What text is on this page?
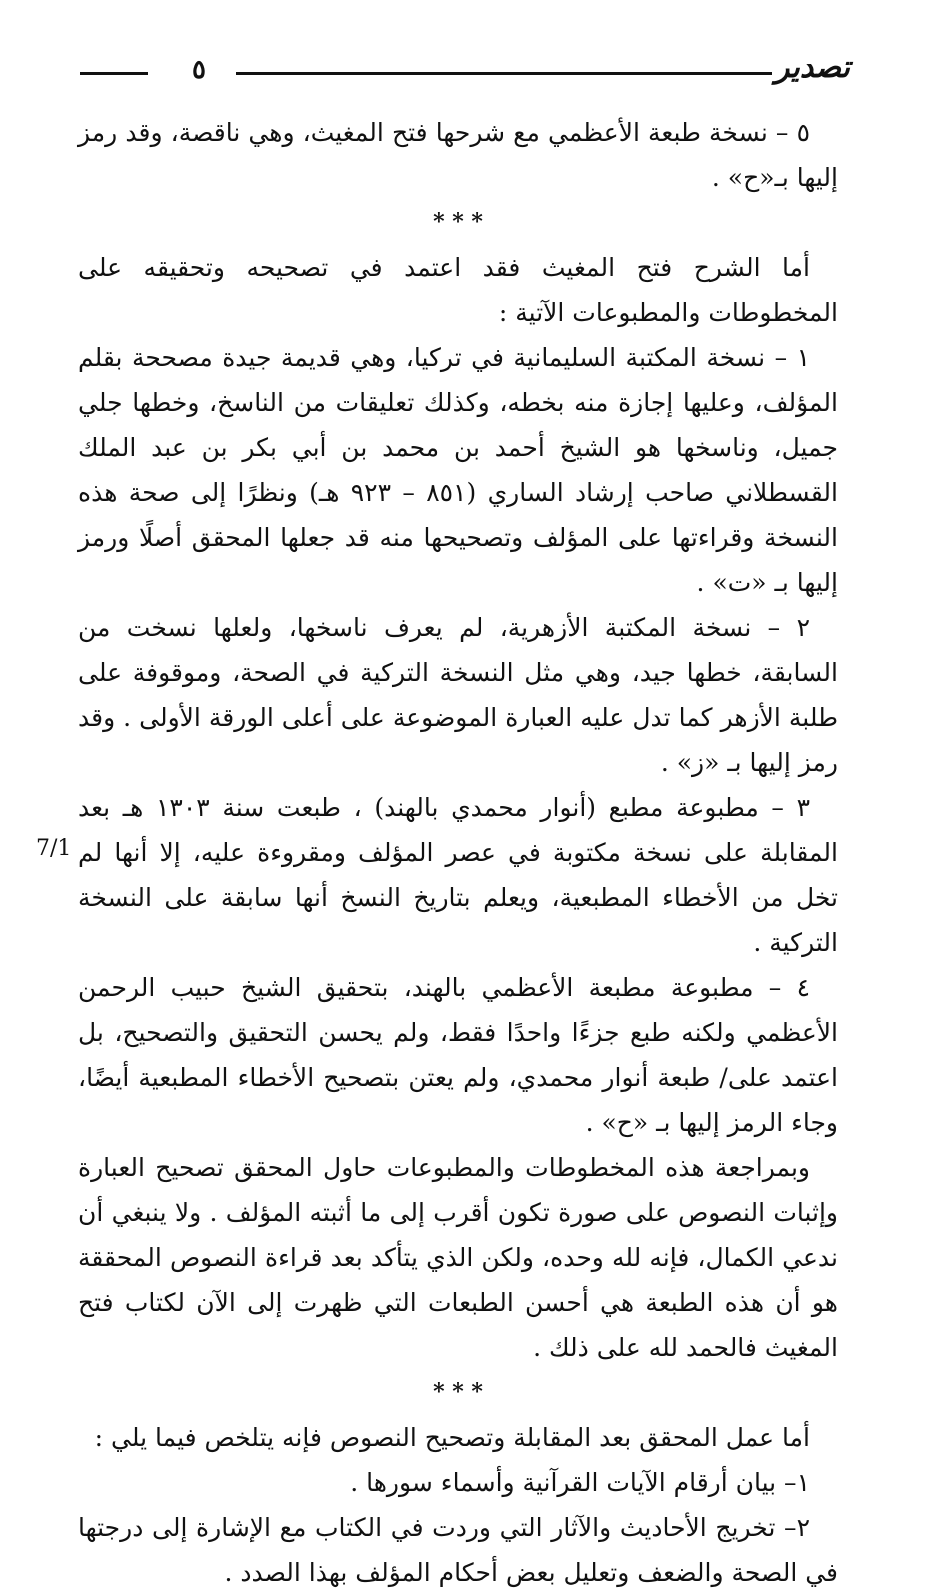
تصدير
٥

٥ – نسخة طبعة الأعظمي مع شرحها فتح المغيث، وهي ناقصة، وقد رمز إليها بـ«ح» .

* * *

أما الشرح فتح المغيث فقد اعتمد في تصحيحه وتحقيقه على المخطوطات والمطبوعات الآتية :

١ – نسخة المكتبة السليمانية في تركيا، وهي قديمة جيدة مصححة بقلم المؤلف، وعليها إجازة منه بخطه، وكذلك تعليقات من الناسخ، وخطها جلي جميل، وناسخها هو الشيخ أحمد بن محمد بن أبي بكر بن عبد الملك القسطلاني صاحب إرشاد الساري (٨٥١ – ٩٢٣ هـ) ونظرًا إلى صحة هذه النسخة وقراءتها على المؤلف وتصحيحها منه قد جعلها المحقق أصلًا ورمز إليها بـ «ت» .

٢ – نسخة المكتبة الأزهرية، لم يعرف ناسخها، ولعلها نسخت من السابقة، خطها جيد، وهي مثل النسخة التركية في الصحة، وموقوفة على طلبة الأزهر كما تدل عليه العبارة الموضوعة على أعلى الورقة الأولى . وقد رمز إليها بـ «ز» .

٣ – مطبوعة مطبع (أنوار محمدي بالهند) ، طبعت سنة ١٣٠٣ هـ بعد المقابلة على نسخة مكتوبة في عصر المؤلف ومقروءة عليه، إلا أنها لم تخل من الأخطاء المطبعية، ويعلم بتاريخ النسخ أنها سابقة على النسخة التركية .

٤ – مطبوعة مطبعة الأعظمي بالهند، بتحقيق الشيخ حبيب الرحمن الأعظمي ولكنه طبع جزءًا واحدًا فقط، ولم يحسن التحقيق والتصحيح، بل اعتمد على/ طبعة أنوار محمدي، ولم يعتن بتصحيح الأخطاء المطبعية أيضًا، وجاء الرمز إليها بـ «ح» .

وبمراجعة هذه المخطوطات والمطبوعات حاول المحقق تصحيح العبارة وإثبات النصوص على صورة تكون أقرب إلى ما أثبته المؤلف . ولا ينبغي أن ندعي الكمال، فإنه لله وحده، ولكن الذي يتأكد بعد قراءة النصوص المحققة هو أن هذه الطبعة هي أحسن الطبعات التي ظهرت إلى الآن لكتاب فتح المغيث فالحمد لله على ذلك .

* * *

أما عمل المحقق بعد المقابلة وتصحيح النصوص فإنه يتلخص فيما يلي :

١– بيان أرقام الآيات القرآنية وأسماء سورها .

٢– تخريج الأحاديث والآثار التي وردت في الكتاب مع الإشارة إلى درجتها في الصحة والضعف وتعليل بعض أحكام المؤلف بهذا الصدد .

7/1
